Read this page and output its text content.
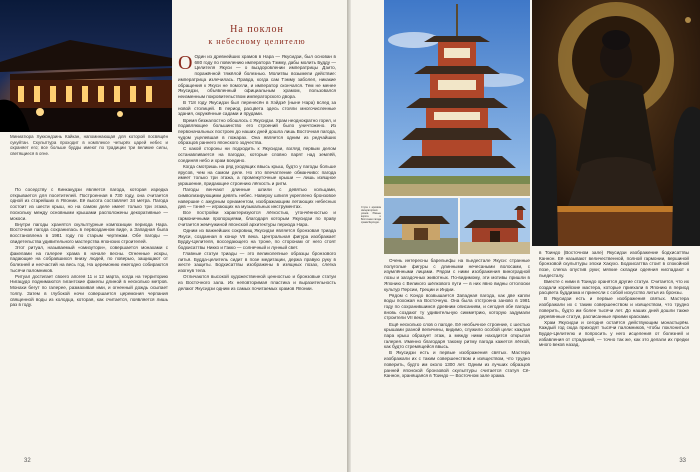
На поклон
к небесному целителю

Миниатюра Хуккондзинь Кайкан, напоминающая для которой посвящён сукуйтан. Скульптура проходит в комплексе четырёх царей небес и охраняет его; все больше будды имеют по традиции три великие силы, светящиеся в огне.

По соседству с Кинкакудзи является пагода, которая изредка открывается для посетителей. Построенная в 730 году, она считается одной из старейших в Японии. Её высота составляет 34 метра. Пагода состоит из шести крыш, но на самом деле имеет только три этажа, поскольку между основными крышами расположены декоративные — мокоси.

Внутри пагоды хранятся скульптурные композиции периода Нара. Восточная пагода сохранилась в первозданном виде, а Западная была восстановлена в 1981 году по старым чертежам. Обе пагоды — свидетельства удивительного мастерства японских строителей.

Этот ритуал, называемый «омизутори», совершается монахами с факелами на галерее храма в начале весны. Огненные искры, падающие на собравшихся внизу людей, по поверью, защищают от болезней и несчастий на весь год. На церемонию ежегодно собираются тысячи паломников.

Ритуал достигает своего апогея 11 и 12 марта, когда на территорию Нигацудо поднимаются гигантские факелы длиной в несколько метров. Монахи бегут по галерее, размахивая ими, и огненный дождь осыпает толпу. Затем в глубокой ночи совершается церемония черпания священной воды из колодца, которая, как считается, появляется лишь раз в году.

О Один из древнейших храмов в Нара — Якусидзи, был основан в 680 году по повелению императора Тэмму, дабы молить Будду — Целителя Якуси — о выздоровлении императрицы Дзито, поражённой тяжёлой болезнью. Молитвы возымели действие: императрица излечилась. Правда, когда сам Тэмму заболел, никакие обращения к Якуси не помогли, и император скончался. Тем не менее Якусидзи, объявленный официальным храмом, пользовался неизменным покровительством императорского двора.

В 718 году Якусидзи был перенесён в Хэйдзё (ныне Нара) вслед за новой столицей. В период расцвета здесь стояли многочисленные здания, окружённые садами и прудами.

Время безжалостно обошлось с Якусидзи. Храм неоднократно горел, и подавляющее большинство его строений было уничтожено. Из первоначальных построек до наших дней дошла лишь Восточная пагода, чудом уцелевшая в пожарах. Она является одним из редчайших образцов раннего японского зодчества.

С какой стороны ни подходить к Якусидзи, взгляд первым делом останавливается на пагодах, которые словно парят над землёй, соединяя небо и храм воедино.

Когда смотришь на ряд уходящих ввысь крыш, будто у пагоды больше ярусов, чем на самом деле. Но это впечатление обманчиво: пагода имеет только три этажа, а промежуточные крыши — лишь изящное украшение, придающее строению лёгкость и ритм.

Пагоды венчают длинные шпили с девятью кольцами, символизирующими девять небес. Наверху шпиля укреплено бронзовое навершие с ажурным орнаментом, изображающим летающих небесных дев — тэннё — играющих на музыкальных инструментах.

Все постройки характеризуются лёгкостью, утончённостью и гармоничными пропорциями, благодаря которым Якусидзи по праву считается жемчужиной японской архитектуры периода Нара.

Одним из важнейших сокровищ Якусидзи является бронзовая триада Якуси, созданная в конце VII века. Центральная фигура изображает Будду-Целителя, восседающего на троне, по сторонам от него стоят бодхисаттвы Никко и Гакко — солнечный и лунный свет.

Главные статуи триады — это великолепные образцы бронзового литья. Будда-целитель сидит в позе медитации, держа правую руку в жесте защиты. Бодхисаттвы изображены в изящных позах, слегка изогнув тела.

Отличаются высокой художественной ценностью и бронзовые статуи из Восточного зала. Их неповторимая пластика и выразительность делают Якусидзи одним из самых почитаемых храмов Японии.

32

Ступа с архивом императорских указов. Южные ворота и Восточная пагода храма Якусидзи.

Очень интересны барельефы на пьедестале Якуси: странные полуголые фигуры с длинными нечесаными волосами, с изумлёнными лицами. Рядом с ними изображения виноградной лозы и загадочных животных. По-видимому, эти мотивы пришли в Японию с Великого шёлкового пути — в них явно видны отголоски культур Персии, Греции и Индии.

Рядом с Кондо возвышается Западная пагода, как две капли воды похожая на Восточную. Она была отстроена заново в 1981 году по сохранившимся древним описаниям, и сегодня обе пагоды вновь создают ту удивительную симметрию, которую задумали строители VII века.

Ещё несколько слов о пагоде. Её необычное строение, с шестью крышами разной величины, видимо, служило особой цели: каждая пара крыш образует этаж, а между ними находится открытая галерея. Именно благодаря такому ритму пагода кажется лёгкой, как будто стремящейся ввысь.

В Якусидзи есть и первые изображения святых. Мастера изображали их с таким совершенством и изяществом, что трудно поверить, будто им около 1300 лет. Одним из лучших образцов ранней японской бронзовой скульптуры считается статуя Сё-Каннон, хранящаяся в Тоиндо — Восточном зале храма.

в Тоиндо (Восточном зале) Якусидзи изображение бодхисаттвы Каннон. Её называют величественной, полной гармонии, вершиной бронзовой скульптуры эпохи Хакухо. Бодхисаттва стоит в спокойной позе, слегка опустив руки; мягкие складки одеяния ниспадают к пьедесталу.

Вместе с ними в Тоиндо хранятся другие статуи. Считается, что их создали корейские мастера, которые приехали в Японию в период расцвета буддизма и принесли с собой искусство литья из бронзы.

В Якусидзи есть и первые изображения святых. Мастера изображали их с таким совершенством и изяществом, что трудно поверить, будто им более тысячи лет. До наших дней дошли также деревянные статуи, расписанные яркими красками.

Храм Якусидзи и сегодня остаётся действующим монастырём. Каждый год сюда приходят тысячи паломников, чтобы поклониться Будде-Целителю и попросить у него исцеления от болезней и избавления от страданий, — точно так же, как это делали их предки много веков назад.

33
